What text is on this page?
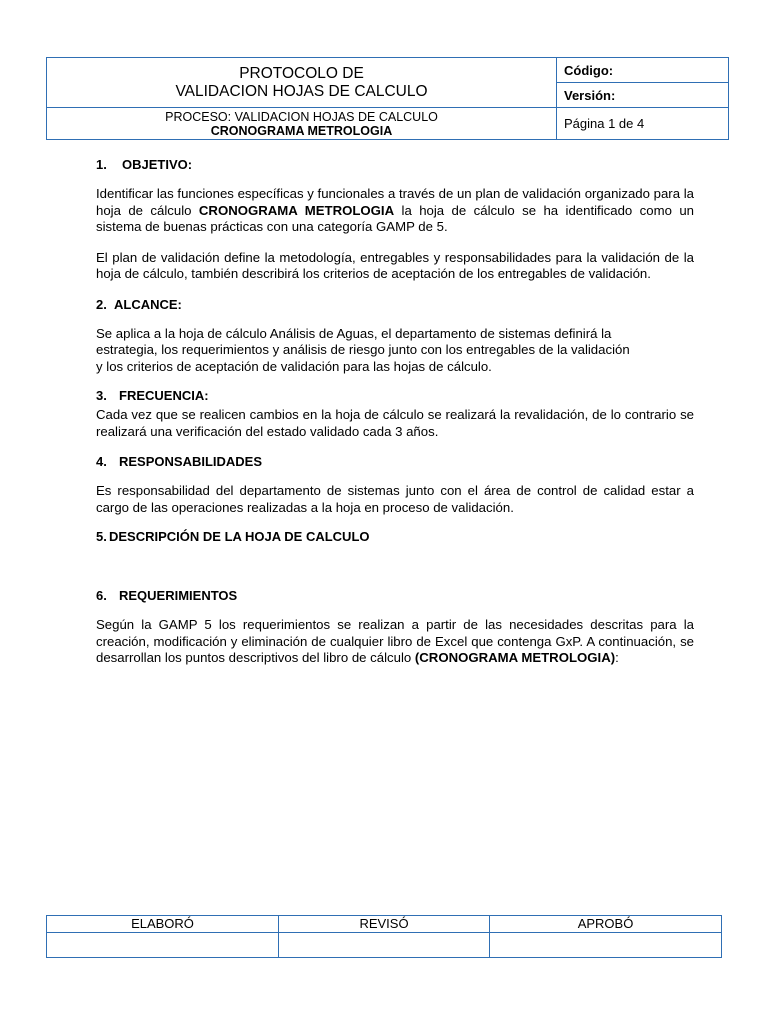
PROTOCOLO DE
VALIDACION HOJAS DE CALCULO	Código:
	Versión:

PROCESO: VALIDACION HOJAS DE CALCULO
CRONOGRAMA METROLOGIA	Página 1 de 4

1. OBJETIVO:

Identificar las funciones específicas y funcionales a través de un plan de validación organizado para la hoja de cálculo CRONOGRAMA METROLOGIA la hoja de cálculo se ha identificado como un sistema de buenas prácticas con una categoría GAMP de 5.

El plan de validación define la metodología, entregables y responsabilidades para la validación de la hoja de cálculo, también describirá los criterios de aceptación de los entregables de validación.

2. ALCANCE:

Se aplica a la hoja de cálculo Análisis de Aguas, el departamento de sistemas definirá la
estrategia, los requerimientos y análisis de riesgo junto con los entregables de la validación
y los criterios de aceptación de validación para las hojas de cálculo.

3. FRECUENCIA:

Cada vez que se realicen cambios en la hoja de cálculo se realizará la revalidación, de lo contrario se realizará una verificación del estado validado cada 3 años.

4. RESPONSABILIDADES

Es responsabilidad del departamento de sistemas junto con el área de control de calidad estar a cargo de las operaciones realizadas a la hoja en proceso de validación.

5. DESCRIPCIÓN DE LA HOJA DE CALCULO

6. REQUERIMIENTOS

Según la GAMP 5 los requerimientos se realizan a partir de las necesidades descritas para la creación, modificación y eliminación de cualquier libro de Excel que contenga GxP. A continuación, se desarrollan los puntos descriptivos del libro de cálculo (CRONOGRAMA METROLOGIA):

ELABORÓ	REVISÓ	APROBÓ
